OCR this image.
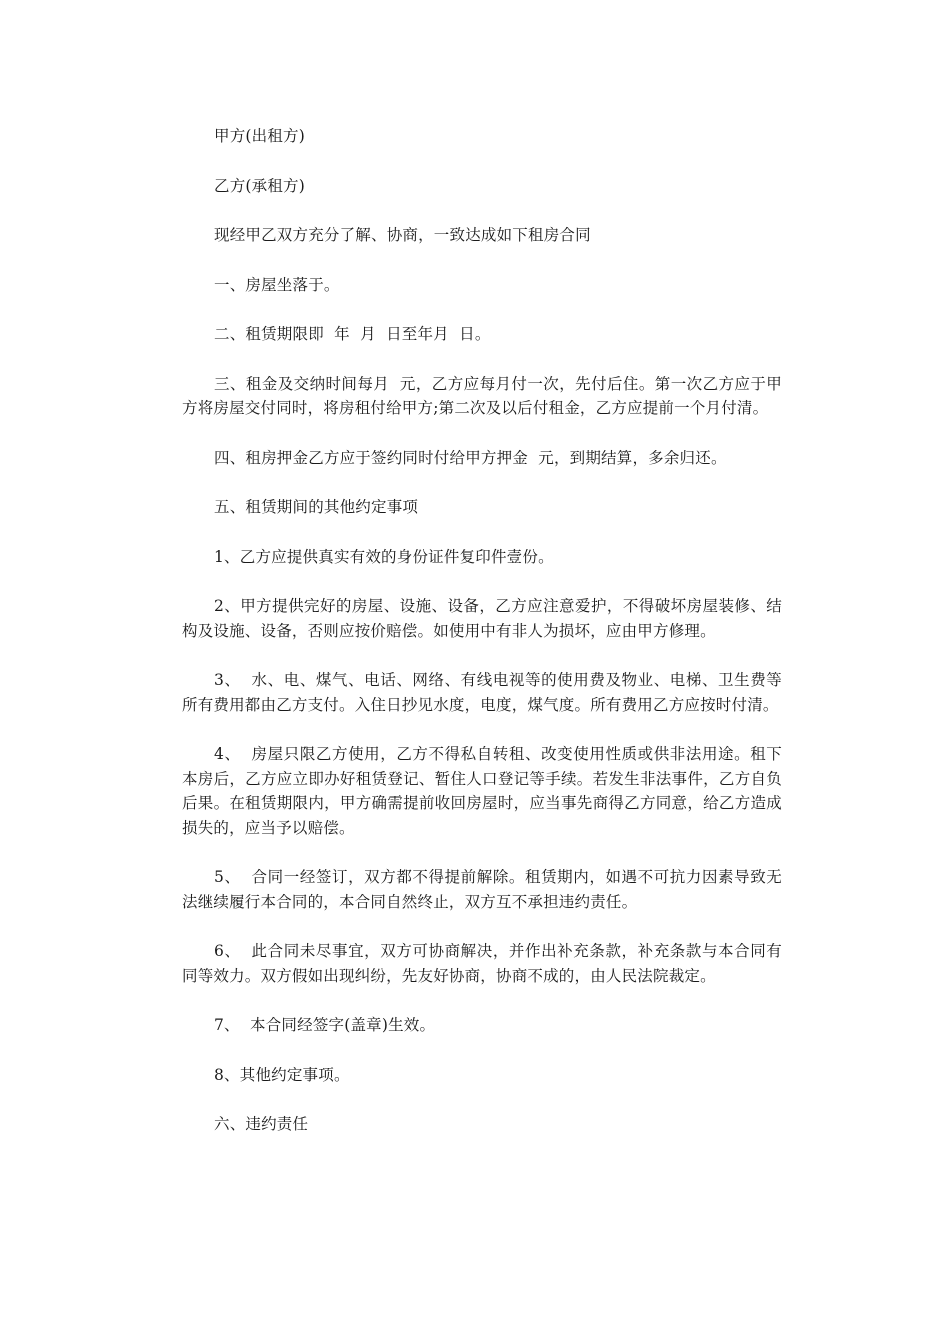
甲方(出租方)

乙方(承租方)

现经甲乙双方充分了解、协商，一致达成如下租房合同

一、房屋坐落于。

二、租赁期限即  年  月  日至年月  日。

三、租金及交纳时间每月  元，乙方应每月付一次，先付后住。第一次乙方应于甲方将房屋交付同时，将房租付给甲方;第二次及以后付租金，乙方应提前一个月付清。

四、租房押金乙方应于签约同时付给甲方押金  元，到期结算，多余归还。

五、租赁期间的其他约定事项

1、乙方应提供真实有效的身份证件复印件壹份。

2、甲方提供完好的房屋、设施、设备，乙方应注意爱护，不得破坏房屋装修、结构及设施、设备，否则应按价赔偿。如使用中有非人为损坏，应由甲方修理。

3、  水、电、煤气、电话、网络、有线电视等的使用费及物业、电梯、卫生费等所有费用都由乙方支付。入住日抄见水度，电度，煤气度。所有费用乙方应按时付清。

4、  房屋只限乙方使用，乙方不得私自转租、改变使用性质或供非法用途。租下本房后，乙方应立即办好租赁登记、暂住人口登记等手续。若发生非法事件，乙方自负后果。在租赁期限内，甲方确需提前收回房屋时，应当事先商得乙方同意，给乙方造成损失的，应当予以赔偿。

5、  合同一经签订，双方都不得提前解除。租赁期内，如遇不可抗力因素导致无法继续履行本合同的，本合同自然终止，双方互不承担违约责任。

6、  此合同未尽事宜，双方可协商解决，并作出补充条款，补充条款与本合同有同等效力。双方假如出现纠纷，先友好协商，协商不成的，由人民法院裁定。

7、  本合同经签字(盖章)生效。

8、其他约定事项。

六、违约责任
